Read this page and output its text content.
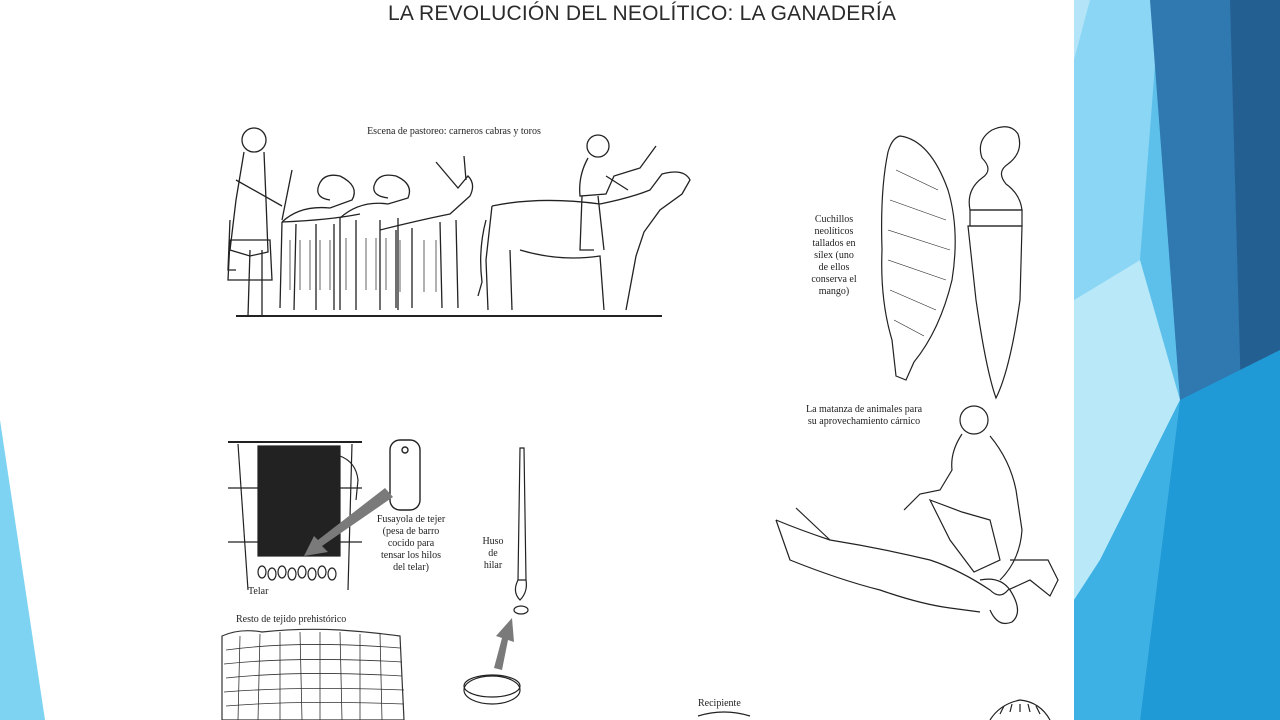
LA REVOLUCIÓN DEL NEOLÍTICO: LA GANADERÍA
Escena de pastoreo: carneros cabras y toros
Cuchillos
neolíticos
tallados en
sílex (uno
de ellos
conserva el
mango)
La matanza de animales para
su aprovechamiento cárnico
Fusayola de tejer
(pesa de barro
cocido para
tensar los hilos
del telar)
Telar
Huso
de
hilar
Resto de tejido prehistórico
Recipiente
